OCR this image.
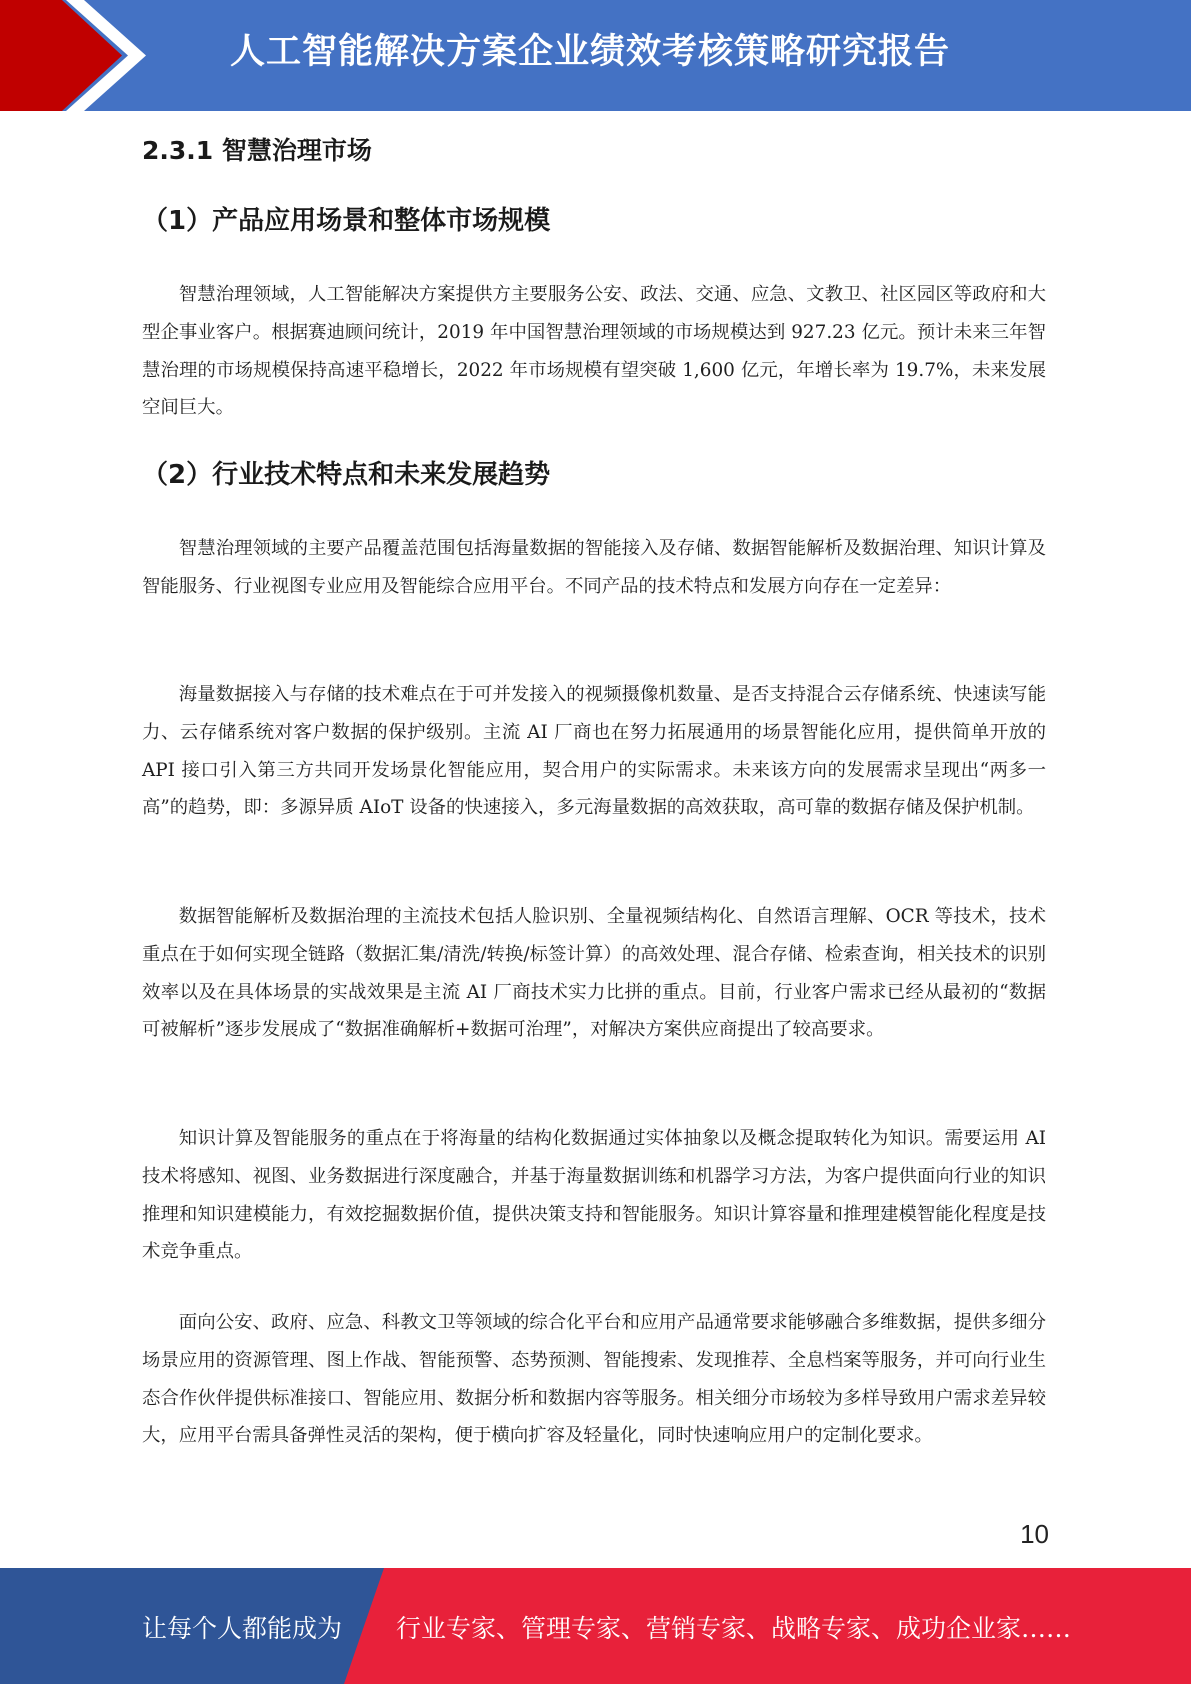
人工智能解决方案企业绩效考核策略研究报告
2.3.1 智慧治理市场
（1）产品应用场景和整体市场规模

智慧治理领域，人工智能解决方案提供方主要服务公安、政法、交通、应急、文教卫、社区园区等政府和大型企事业客户。根据赛迪顾问统计，2019 年中国智慧治理领域的市场规模达到 927.23 亿元。预计未来三年智慧治理的市场规模保持高速平稳增长，2022 年市场规模有望突破 1,600 亿元，年增长率为 19.7%，未来发展空间巨大。

（2）行业技术特点和未来发展趋势

智慧治理领域的主要产品覆盖范围包括海量数据的智能接入及存储、数据智能解析及数据治理、知识计算及智能服务、行业视图专业应用及智能综合应用平台。不同产品的技术特点和发展方向存在一定差异：

海量数据接入与存储的技术难点在于可并发接入的视频摄像机数量、是否支持混合云存储系统、快速读写能力、云存储系统对客户数据的保护级别。主流 AI 厂商也在努力拓展通用的场景智能化应用，提供简单开放的 API 接口引入第三方共同开发场景化智能应用，契合用户的实际需求。未来该方向的发展需求呈现出“两多一高”的趋势，即：多源异质 AIoT 设备的快速接入，多元海量数据的高效获取，高可靠的数据存储及保护机制。

数据智能解析及数据治理的主流技术包括人脸识别、全量视频结构化、自然语言理解、OCR 等技术，技术重点在于如何实现全链路（数据汇集/清洗/转换/标签计算）的高效处理、混合存储、检索查询，相关技术的识别效率以及在具体场景的实战效果是主流 AI 厂商技术实力比拼的重点。目前，行业客户需求已经从最初的“数据可被解析”逐步发展成了“数据准确解析+数据可治理”，对解决方案供应商提出了较高要求。

知识计算及智能服务的重点在于将海量的结构化数据通过实体抽象以及概念提取转化为知识。需要运用 AI 技术将感知、视图、业务数据进行深度融合，并基于海量数据训练和机器学习方法，为客户提供面向行业的知识推理和知识建模能力，有效挖掘数据价值，提供决策支持和智能服务。知识计算容量和推理建模智能化程度是技术竞争重点。

面向公安、政府、应急、科教文卫等领域的综合化平台和应用产品通常要求能够融合多维数据，提供多细分场景应用的资源管理、图上作战、智能预警、态势预测、智能搜索、发现推荐、全息档案等服务，并可向行业生态合作伙伴提供标准接口、智能应用、数据分析和数据内容等服务。相关细分市场较为多样导致用户需求差异较大，应用平台需具备弹性灵活的架构，便于横向扩容及轻量化，同时快速响应用户的定制化要求。

10
让每个人都能成为 行业专家、管理专家、营销专家、战略专家、成功企业家……
